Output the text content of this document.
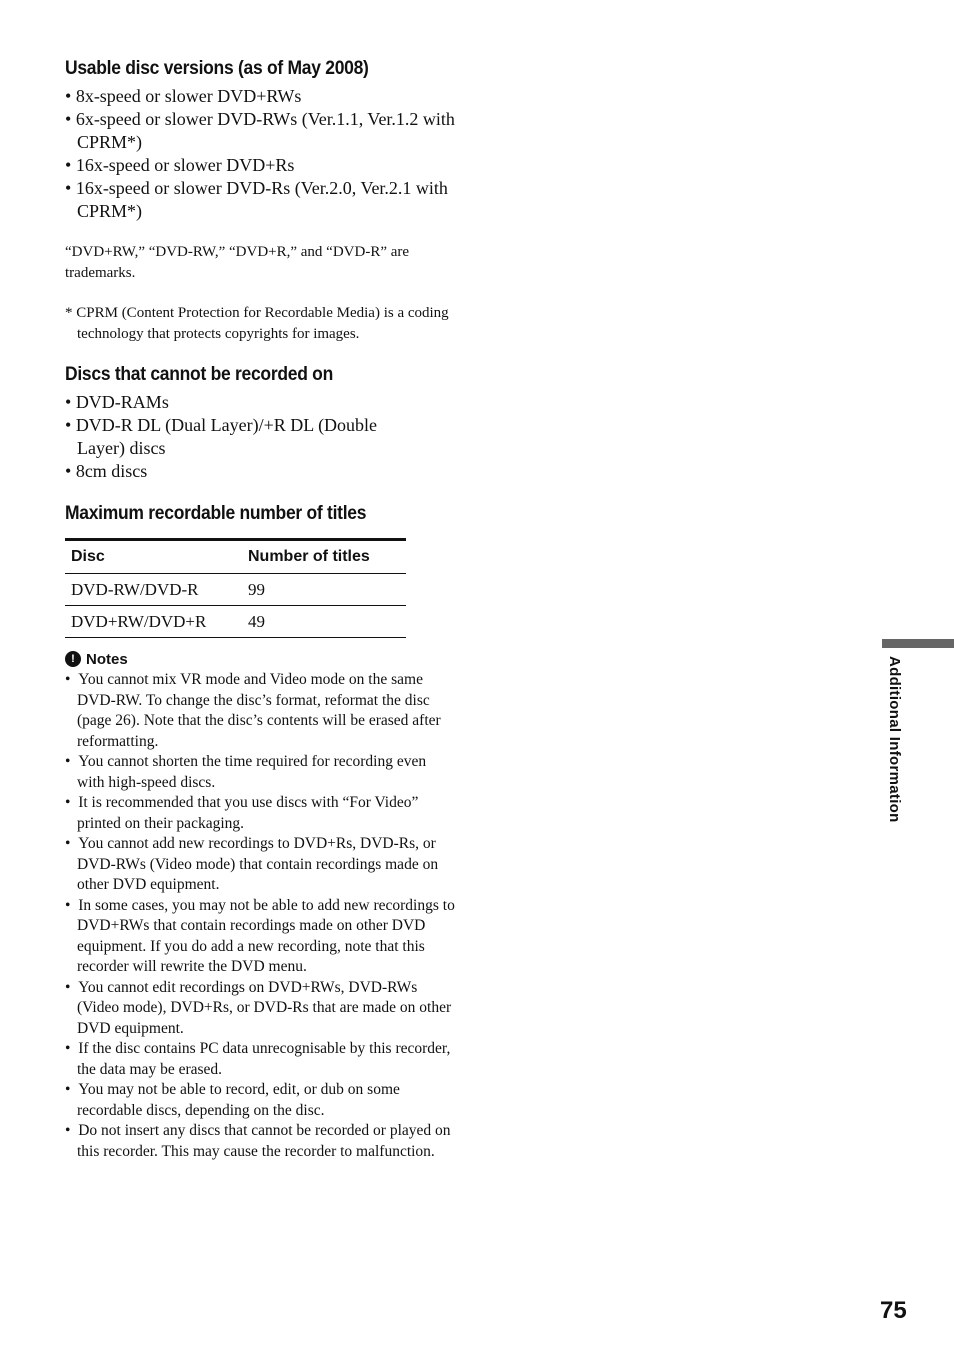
Usable disc versions (as of May 2008)
• 8x-speed or slower DVD+RWs
• 6x-speed or slower DVD-RWs (Ver.1.1, Ver.1.2 with CPRM*)
• 16x-speed or slower DVD+Rs
• 16x-speed or slower DVD-Rs (Ver.2.0, Ver.2.1 with CPRM*)

“DVD+RW,” “DVD-RW,” “DVD+R,” and “DVD-R” are trademarks.

* CPRM (Content Protection for Recordable Media) is a coding technology that protects copyrights for images.

Discs that cannot be recorded on
• DVD-RAMs
• DVD-R DL (Dual Layer)/+R DL (Double Layer) discs
• 8cm discs
Maximum recordable number of titles
Disc	Number of titles
DVD-RW/DVD-R	99
DVD+RW/DVD+R	49
! Notes
•  You cannot mix VR mode and Video mode on the same DVD-RW. To change the disc’s format, reformat the disc (page 26). Note that the disc’s contents will be erased after reformatting.
•  You cannot shorten the time required for recording even with high-speed discs.
•  It is recommended that you use discs with “For Video” printed on their packaging.
•  You cannot add new recordings to DVD+Rs, DVD-Rs, or DVD-RWs (Video mode) that contain recordings made on other DVD equipment.
•  In some cases, you may not be able to add new recordings to DVD+RWs that contain recordings made on other DVD equipment. If you do add a new recording, note that this recorder will rewrite the DVD menu.
•  You cannot edit recordings on DVD+RWs, DVD-RWs (Video mode), DVD+Rs, or DVD-Rs that are made on other DVD equipment.
•  If the disc contains PC data unrecognisable by this recorder, the data may be erased.
•  You may not be able to record, edit, or dub on some recordable discs, depending on the disc.
•  Do not insert any discs that cannot be recorded or played on this recorder. This may cause the recorder to malfunction.
Additional Information
75
